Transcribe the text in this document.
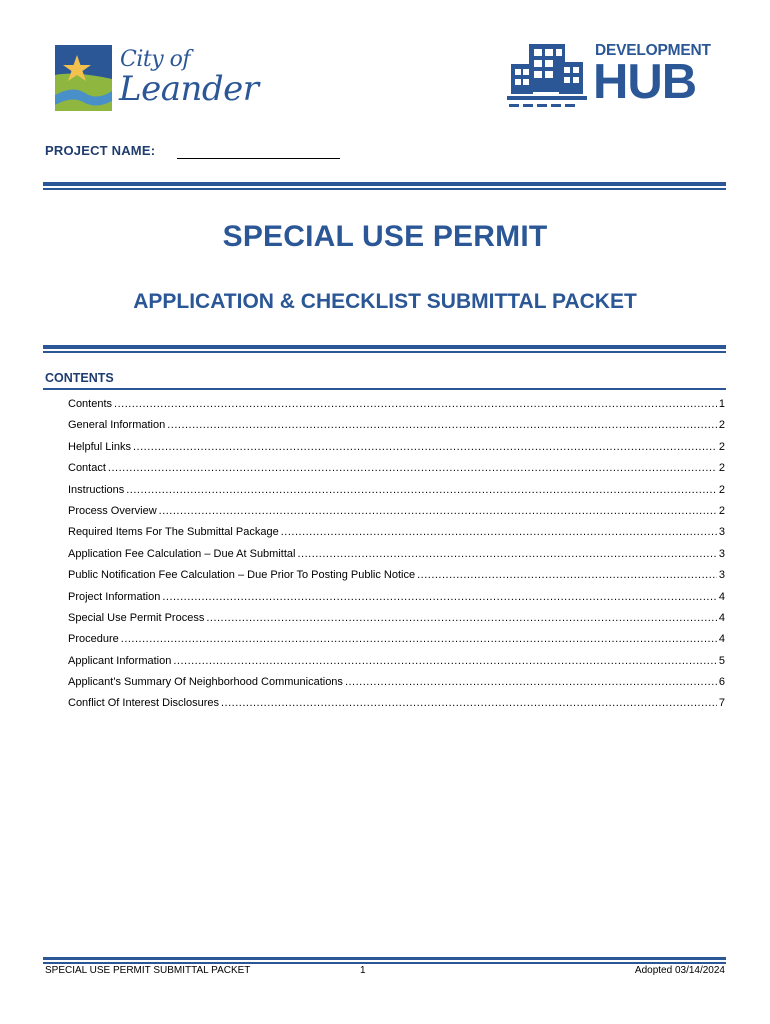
City of
Leander
DEVELOPMENT
HUB
PROJECT NAME:
SPECIAL USE PERMIT
APPLICATION & CHECKLIST SUBMITTAL PACKET
CONTENTS
Contents .....	1
General Information .....	2
Helpful Links .....	2
Contact .....	2
Instructions .....	2
Process Overview .....	2
Required Items For The Submittal Package .....	3
Application Fee Calculation – Due At Submittal .....	3
Public Notification Fee Calculation – Due Prior To Posting Public Notice .....	3
Project Information .....	4
Special Use Permit Process .....	4
Procedure .....	4
Applicant Information .....	5
Applicant’s Summary Of Neighborhood Communications .....	6
Conflict Of Interest Disclosures .....	7
SPECIAL USE PERMIT SUBMITTAL PACKET	1	Adopted 03/14/2024
